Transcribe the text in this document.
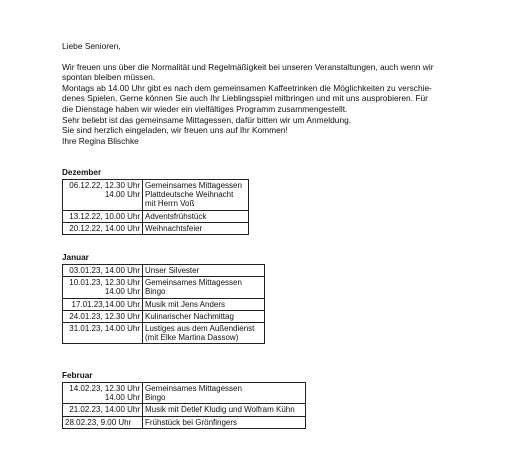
Liebe Senioren,

Wir freuen uns über die Normalität und Regelmäßigkeit bei unseren Veranstaltungen, auch wenn wir
spontan bleiben müssen.
Montags ab 14.00 Uhr gibt es nach dem gemeinsamen Kaffeetrinken die Möglichkeiten zu verschie-
denes Spielen. Gerne können Sie auch Ihr Lieblingsspiel mitbringen und mit uns ausprobieren. Für
die Dienstage haben wir wieder ein vielfältiges Programm zusammengestellt.
Sehr beliebt ist das gemeinsame Mittagessen, dafür bitten wir um Anmeldung.
Sie sind herzlich eingeladen, wir freuen uns auf Ihr Kommen!
Ihre Regina Blischke

Dezember
06.12.22, 12.30 Uhr
14.00 Uhr	Gemeinsames Mittagessen
Plattdeutsche Weihnacht
mit Herrn Voß
13.12.22, 10.00 Uhr	Adventsfrühstück
20.12.22, 14.00 Uhr	Weihnachtsfeier
Januar
03.01.23, 14.00 Uhr	Unser Silvester
10.01.23, 12.30 Uhr
14.00 Uhr	Gemeinsames Mittagessen
Bingo
17.01.23,14.00 Uhr	Musik mit Jens Anders
24.01.23, 12.30 Uhr	Kulinarischer Nachmittag
31.01.23, 14.00 Uhr	Lustiges aus dem Außendienst
(mit Elke Martina Dassow)
Februar
14.02.23, 12.30 Uhr
14.00 Uhr	Gemeinsames Mittagessen
Bingo
21.02.23, 14.00 Uhr	Musik mit Detlef Kludig und Wolfram Kühn
28.02.23, 9.00 Uhr	Frühstück bei Grönfingers
